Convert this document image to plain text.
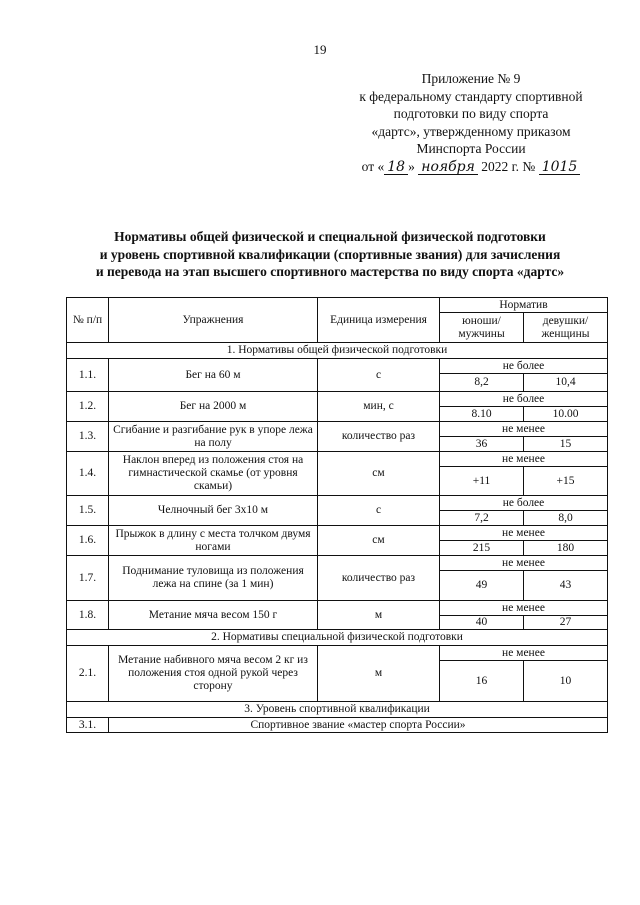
19
Приложение № 9
к федеральному стандарту спортивной
подготовки по виду спорта
«дартс», утвержденному приказом
Минспорта России
от « 18 » ноября 2022 г. № 1015
Нормативы общей физической и специальной физической подготовки
и уровень спортивной квалификации (спортивные звания) для зачисления
и перевода на этап высшего спортивного мастерства по виду спорта «дартс»
№ п/п	Упражнения	Единица измерения	Норматив	
			юноши/ мужчины	девушки/ женщины
1. Нормативы общей физической подготовки				
1.1.	Бег на 60 м	с	не более	
			8,2	10,4
1.2.	Бег на 2000 м	мин, с	не более	
			8.10	10.00
1.3.	Сгибание и разгибание рук в упоре лежа на полу	количество раз	не менее	
			36	15
1.4.	Наклон вперед из положения стоя на гимнастической скамье (от уровня скамьи)	см	не менее	
			+11	+15
1.5.	Челночный бег 3х10 м	с	не более	
			7,2	8,0
1.6.	Прыжок в длину с места толчком двумя ногами	см	не менее	
			215	180
1.7.	Поднимание туловища из положения лежа на спине (за 1 мин)	количество раз	не менее	
			49	43
1.8.	Метание мяча весом 150 г	м	не менее	
			40	27
2. Нормативы специальной физической подготовки				
2.1.	Метание набивного мяча весом 2 кг из положения стоя одной рукой через сторону	м	не менее	
			16	10
3. Уровень спортивной квалификации				
3.1.	Спортивное звание «мастер спорта России»			
